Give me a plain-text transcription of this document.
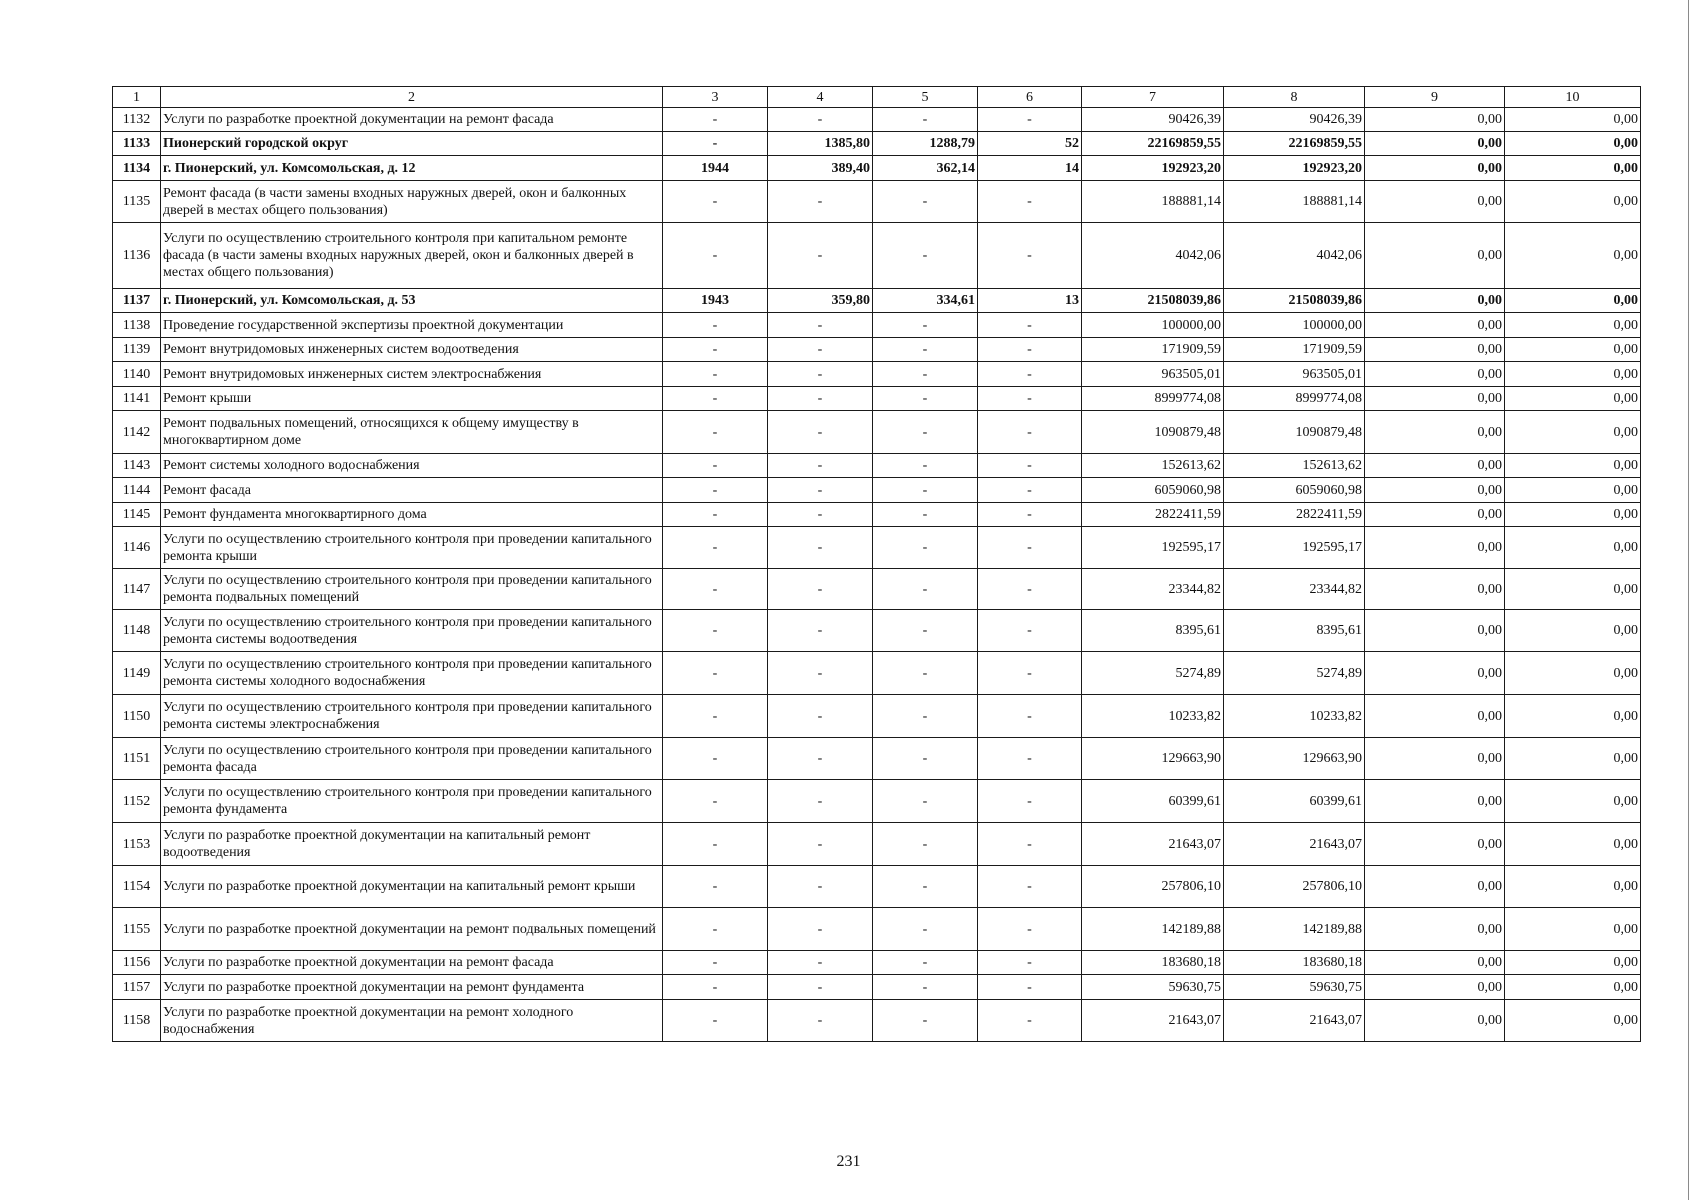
1	2	3	4	5	6	7	8	9	10
1132	Услуги по разработке проектной документации на ремонт фасада	-	-	-	-	90426,39	90426,39	0,00	0,00
1133	Пионерский городской округ	-	1385,80	1288,79	52	22169859,55	22169859,55	0,00	0,00
1134	г. Пионерский, ул. Комсомольская, д. 12	1944	389,40	362,14	14	192923,20	192923,20	0,00	0,00
1135	Ремонт фасада (в части замены входных наружных дверей, окон и балконных дверей в местах общего пользования)	-	-	-	-	188881,14	188881,14	0,00	0,00
1136	Услуги по осуществлению строительного контроля при капитальном ремонте фасада (в части замены входных наружных дверей, окон и балконных дверей в местах общего пользования)	-	-	-	-	4042,06	4042,06	0,00	0,00
1137	г. Пионерский, ул. Комсомольская, д. 53	1943	359,80	334,61	13	21508039,86	21508039,86	0,00	0,00
1138	Проведение государственной экспертизы проектной документации	-	-	-	-	100000,00	100000,00	0,00	0,00
1139	Ремонт внутридомовых инженерных систем водоотведения	-	-	-	-	171909,59	171909,59	0,00	0,00
1140	Ремонт внутридомовых инженерных систем электроснабжения	-	-	-	-	963505,01	963505,01	0,00	0,00
1141	Ремонт крыши	-	-	-	-	8999774,08	8999774,08	0,00	0,00
1142	Ремонт подвальных помещений, относящихся к общему имуществу в многоквартирном доме	-	-	-	-	1090879,48	1090879,48	0,00	0,00
1143	Ремонт системы холодного водоснабжения	-	-	-	-	152613,62	152613,62	0,00	0,00
1144	Ремонт фасада	-	-	-	-	6059060,98	6059060,98	0,00	0,00
1145	Ремонт фундамента многоквартирного дома	-	-	-	-	2822411,59	2822411,59	0,00	0,00
1146	Услуги по осуществлению строительного контроля при проведении капитального ремонта крыши	-	-	-	-	192595,17	192595,17	0,00	0,00
1147	Услуги по осуществлению строительного контроля при проведении капитального ремонта подвальных помещений	-	-	-	-	23344,82	23344,82	0,00	0,00
1148	Услуги по осуществлению строительного контроля при проведении капитального ремонта системы водоотведения	-	-	-	-	8395,61	8395,61	0,00	0,00
1149	Услуги по осуществлению строительного контроля при проведении капитального ремонта системы холодного водоснабжения	-	-	-	-	5274,89	5274,89	0,00	0,00
1150	Услуги по осуществлению строительного контроля при проведении капитального ремонта системы электроснабжения	-	-	-	-	10233,82	10233,82	0,00	0,00
1151	Услуги по осуществлению строительного контроля при проведении капитального ремонта фасада	-	-	-	-	129663,90	129663,90	0,00	0,00
1152	Услуги по осуществлению строительного контроля при проведении капитального ремонта фундамента	-	-	-	-	60399,61	60399,61	0,00	0,00
1153	Услуги по разработке проектной документации на капитальный ремонт водоотведения	-	-	-	-	21643,07	21643,07	0,00	0,00
1154	Услуги по разработке проектной документации на капитальный ремонт крыши	-	-	-	-	257806,10	257806,10	0,00	0,00
1155	Услуги по разработке проектной документации на ремонт подвальных помещений	-	-	-	-	142189,88	142189,88	0,00	0,00
1156	Услуги по разработке проектной документации на ремонт фасада	-	-	-	-	183680,18	183680,18	0,00	0,00
1157	Услуги по разработке проектной документации на ремонт фундамента	-	-	-	-	59630,75	59630,75	0,00	0,00
1158	Услуги по разработке проектной документации на ремонт холодного водоснабжения	-	-	-	-	21643,07	21643,07	0,00	0,00
231
